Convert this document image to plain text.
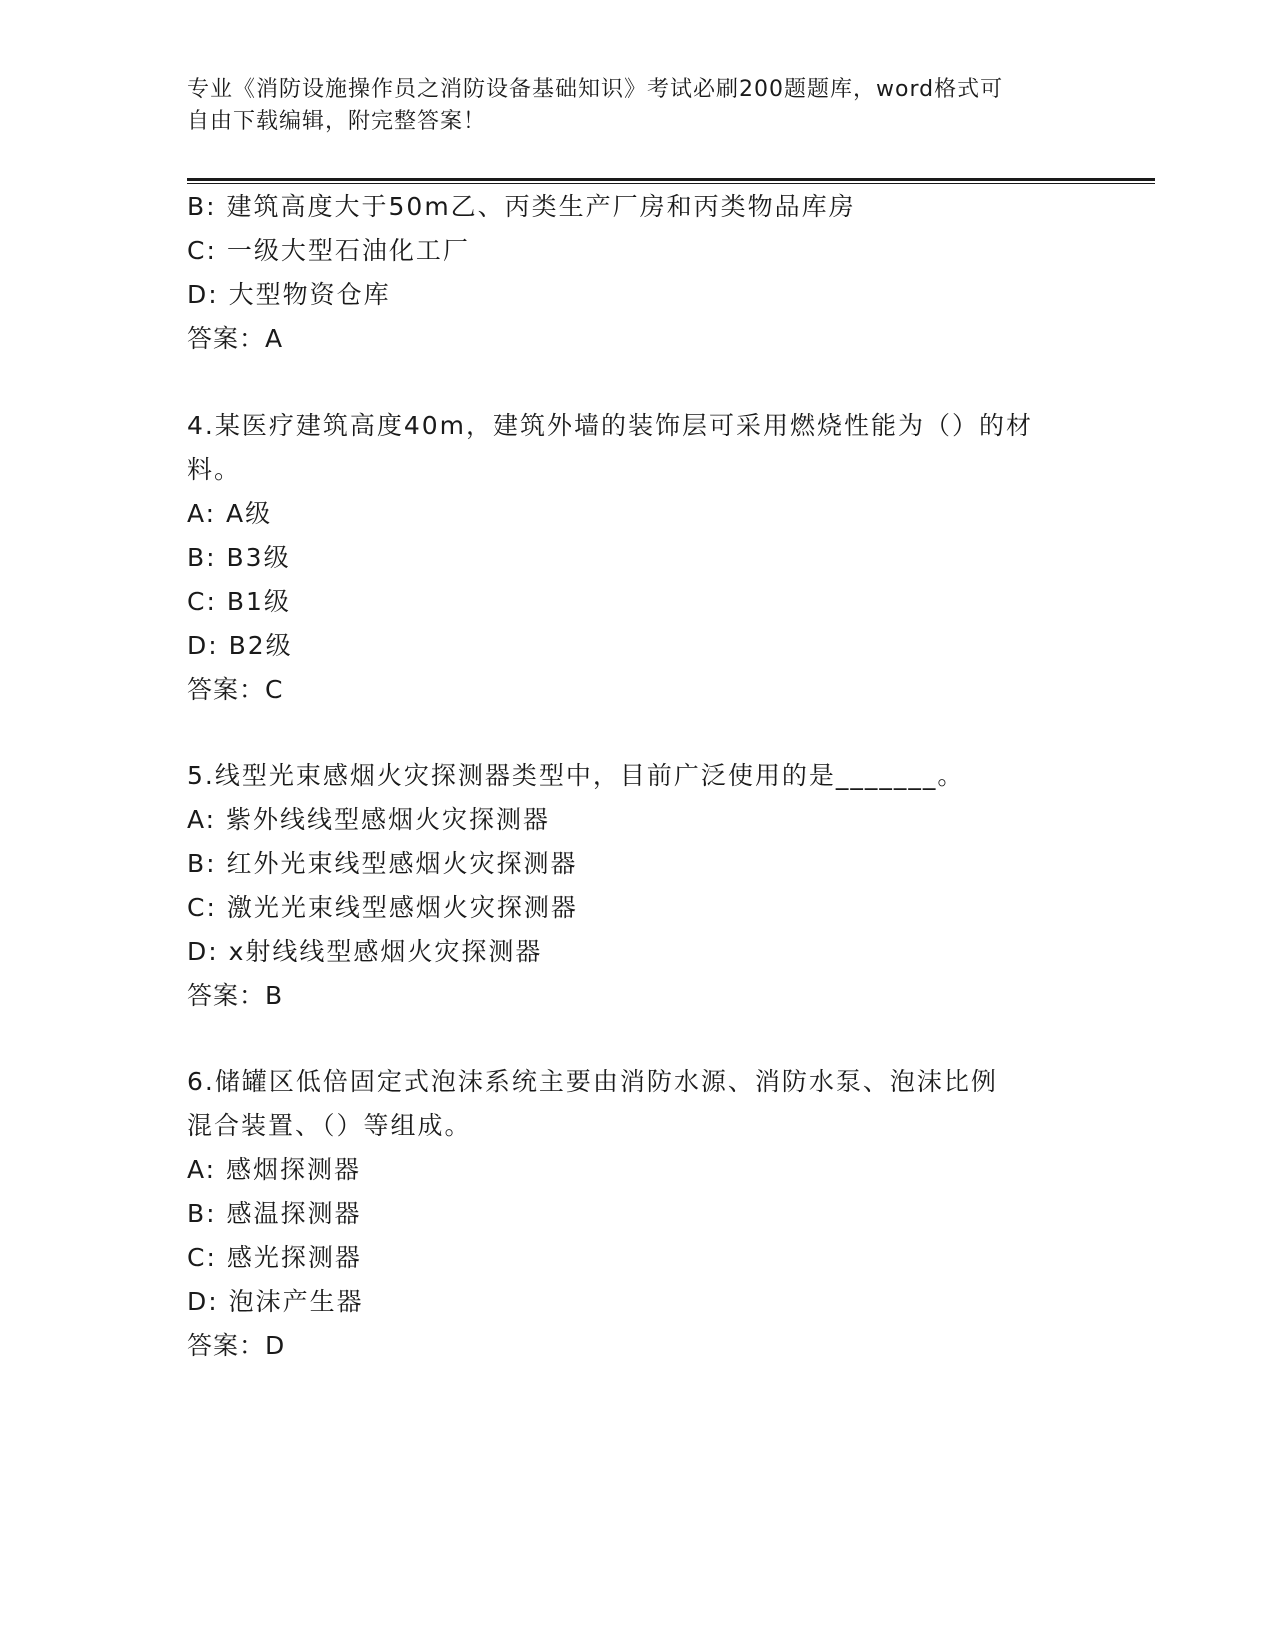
专业《消防设施操作员之消防设备基础知识》考试必刷200题题库，word格式可
自由下载编辑，附完整答案！
B: 建筑高度大于50m乙、丙类生产厂房和丙类物品库房
C: 一级大型石油化工厂
D: 大型物资仓库
答案：A
4.某医疗建筑高度40m，建筑外墙的装饰层可采用燃烧性能为（）的材
料。
A: A级
B: B3级
C: B1级
D: B2级
答案：C
5.线型光束感烟火灾探测器类型中，目前广泛使用的是_______。
A: 紫外线线型感烟火灾探测器
B: 红外光束线型感烟火灾探测器
C: 激光光束线型感烟火灾探测器
D: x射线线型感烟火灾探测器
答案：B
6.储罐区低倍固定式泡沫系统主要由消防水源、消防水泵、泡沫比例
混合装置、（）等组成。
A: 感烟探测器
B: 感温探测器
C: 感光探测器
D: 泡沫产生器
答案：D
